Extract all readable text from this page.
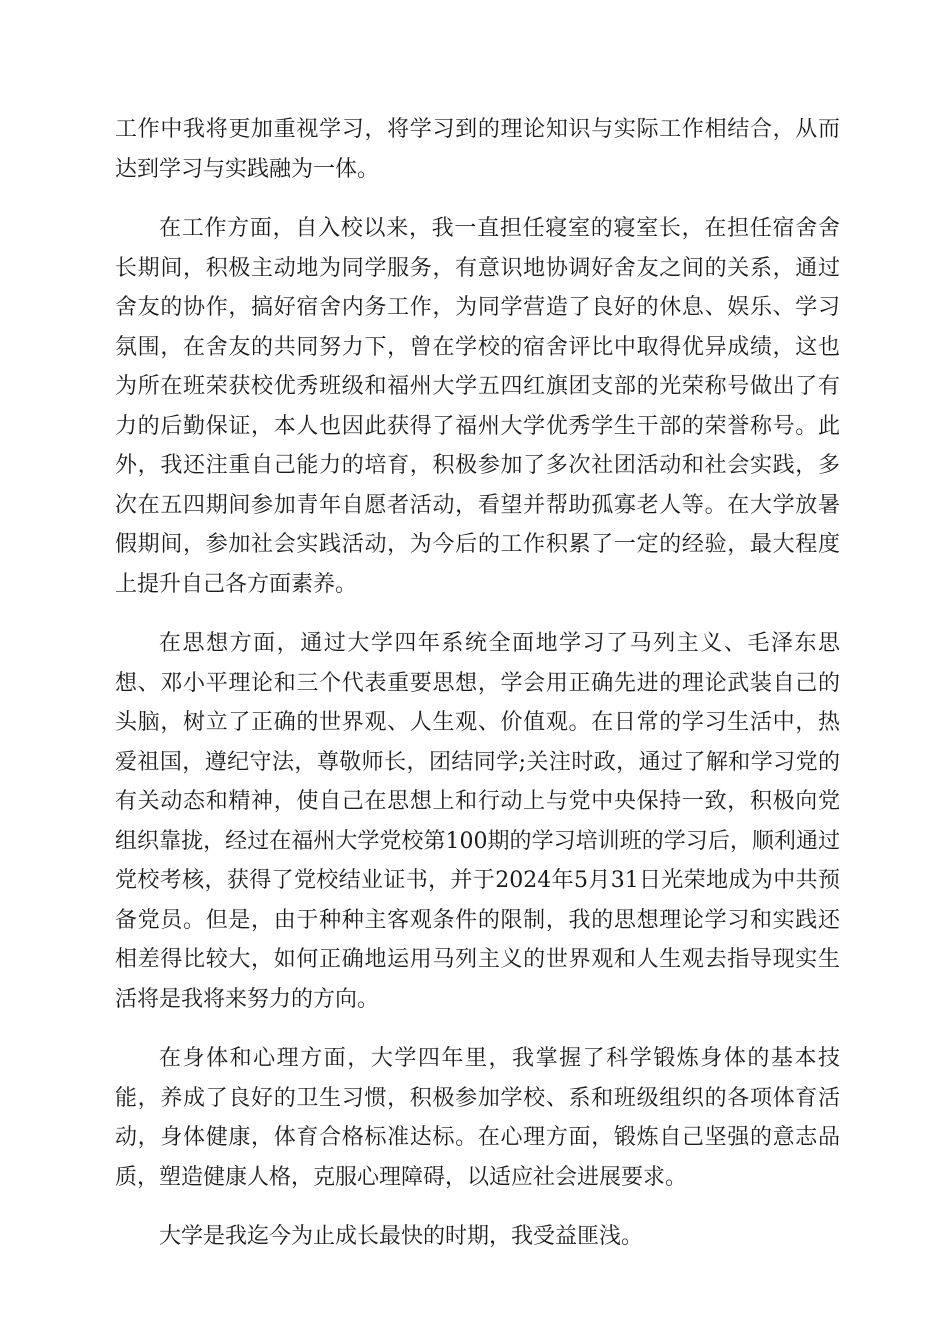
工作中我将更加重视学习，将学习到的理论知识与实际工作相结合，从而达到学习与实践融为一体。

在工作方面，自入校以来，我一直担任寝室的寝室长，在担任宿舍舍长期间，积极主动地为同学服务，有意识地协调好舍友之间的关系，通过舍友的协作，搞好宿舍内务工作，为同学营造了良好的休息、娱乐、学习氛围，在舍友的共同努力下，曾在学校的宿舍评比中取得优异成绩，这也为所在班荣获校优秀班级和福州大学五四红旗团支部的光荣称号做出了有力的后勤保证，本人也因此获得了福州大学优秀学生干部的荣誉称号。此外，我还注重自己能力的培育，积极参加了多次社团活动和社会实践，多次在五四期间参加青年自愿者活动，看望并帮助孤寡老人等。在大学放暑假期间，参加社会实践活动，为今后的工作积累了一定的经验，最大程度上提升自己各方面素养。

在思想方面，通过大学四年系统全面地学习了马列主义、毛泽东思想、邓小平理论和三个代表重要思想，学会用正确先进的理论武装自己的头脑，树立了正确的世界观、人生观、价值观。在日常的学习生活中，热爱祖国，遵纪守法，尊敬师长，团结同学;关注时政，通过了解和学习党的有关动态和精神，使自己在思想上和行动上与党中央保持一致，积极向党组织靠拢，经过在福州大学党校第100期的学习培训班的学习后，顺利通过党校考核，获得了党校结业证书，并于2024年5月31日光荣地成为中共预备党员。但是，由于种种主客观条件的限制，我的思想理论学习和实践还相差得比较大，如何正确地运用马列主义的世界观和人生观去指导现实生活将是我将来努力的方向。

在身体和心理方面，大学四年里，我掌握了科学锻炼身体的基本技能，养成了良好的卫生习惯，积极参加学校、系和班级组织的各项体育活动，身体健康，体育合格标准达标。在心理方面，锻炼自己坚强的意志品质，塑造健康人格，克服心理障碍，以适应社会进展要求。

大学是我迄今为止成长最快的时期，我受益匪浅。
